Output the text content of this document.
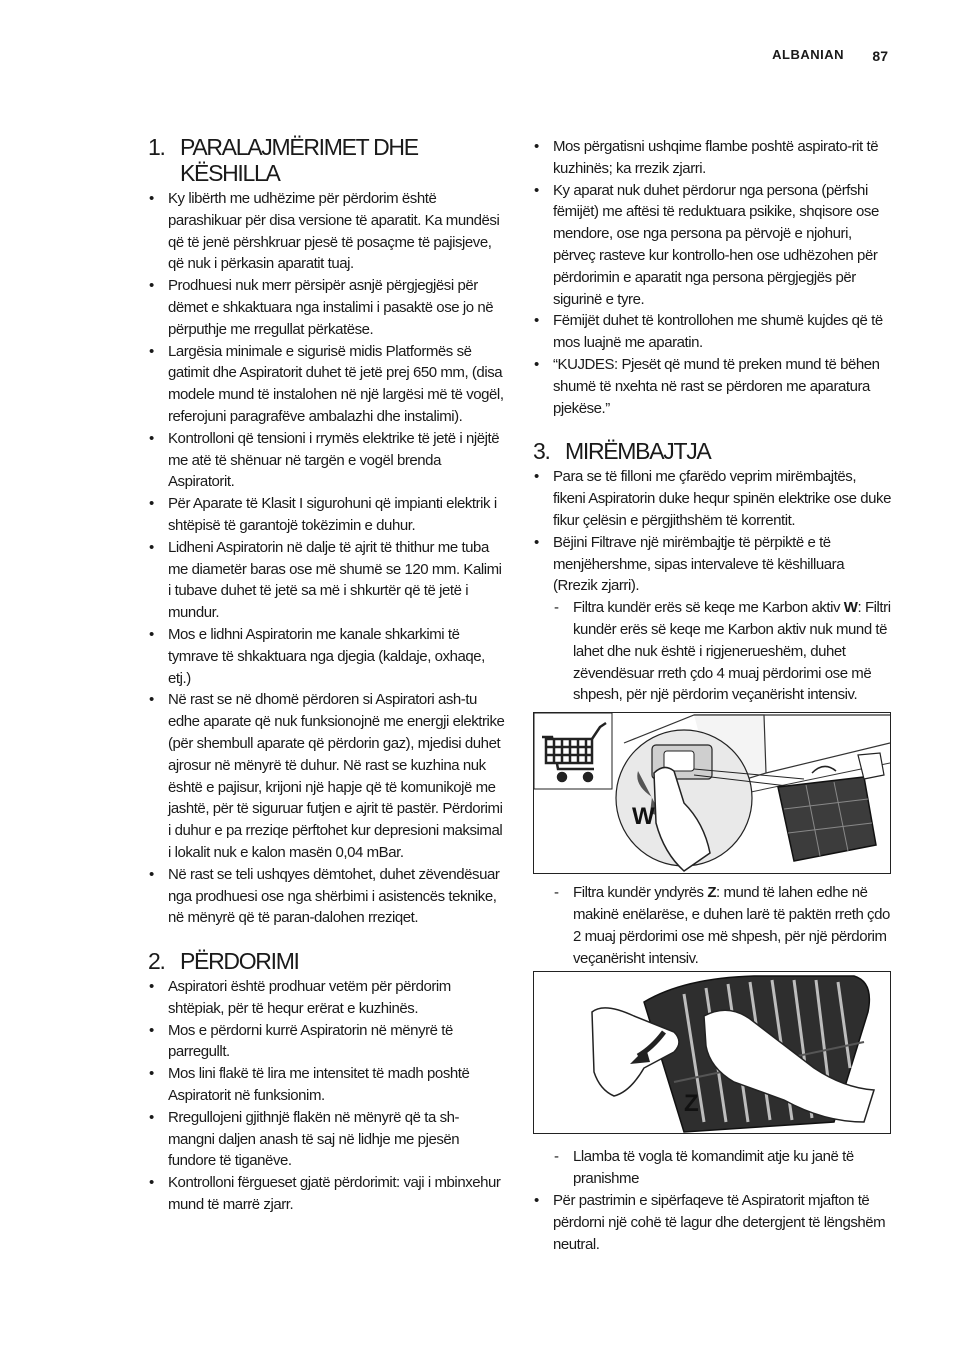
ALBANIAN 87
1. PARALAJMËRIMET DHE
KËSHILLA
• Ky libërth me udhëzime për përdorim është parashikuar për disa versione të aparatit. Ka mundësi që të jenë përshkruar pjesë të posaçme të pajisjeve, që nuk i përkasin aparatit tuaj.
• Prodhuesi nuk merr përsipër asnjë përgjegjësi për dëmet e shkaktuara nga instalimi i pasaktë ose jo në përputhje me rregullat përkatëse.
• Largësia minimale e sigurisë midis Platformës së gatimit dhe Aspiratorit duhet të jetë prej 650 mm, (disa modele mund të instalohen në një largësi më të vogël, referojuni paragrafëve ambalazhi dhe instalimi).
• Kontrolloni që tensioni i rrymës elektrike të jetë i njëjtë me atë të shënuar në targën e vogël brenda Aspiratorit.
• Për Aparate të Klasit I sigurohuni që impianti elektrik i shtëpisë të garantojë tokëzimin e duhur.
• Lidheni Aspiratorin në dalje të ajrit të thithur me tuba me diametër baras ose më shumë se 120 mm. Kalimi i tubave duhet të jetë sa më i shkurtër që të jetë i mundur.
• Mos e lidhni Aspiratorin me kanale shkarkimi të tymrave të shkaktuara nga djegia (kaldaje, oxhaqe, etj.)
• Në rast se në dhomë përdoren si Aspiratori ash-tu edhe aparate që nuk funksionojnë me energji elektrike (për shembull aparate që përdorin gaz), mjedisi duhet ajrosur në mënyrë të duhur. Në rast se kuzhina nuk është e pajisur, krijoni një hapje që të komunikojë me jashtë, për të siguruar futjen e ajrit të pastër. Përdorimi i duhur e pa rreziqe përftohet kur depresioni maksimal i lokalit nuk e kalon masën 0,04 mBar.
• Në rast se teli ushqyes dëmtohet, duhet zëvendësuar nga prodhuesi ose nga shërbimi i asistencës teknike, në mënyrë që të paran-dalohen rreziqet.
2. PËRDORIMI
• Aspiratori është prodhuar vetëm për përdorim shtëpiak, për të hequr erërat e kuzhinës.
• Mos e përdorni kurrë Aspiratorin në mënyrë të parregullt.
• Mos lini flakë të lira me intensitet të madh poshtë Aspiratorit në funksionim.
• Rregullojeni gjithnjë flakën në mënyrë që ta sh-mangni daljen anash të saj në lidhje me pjesën fundore të tiganëve.
• Kontrolloni fërgueset gjatë përdorimit: vaji i mbinxehur mund të marrë zjarr.
• Mos përgatisni ushqime flambe poshtë aspirato-rit të kuzhinës; ka rrezik zjarri.
• Ky aparat nuk duhet përdorur nga persona (përfshi fëmijët) me aftësi të reduktuara psikike, shqisore ose mendore, ose nga persona pa përvojë e njohuri, përveç rasteve kur kontrollo-hen ose udhëzohen për përdorimin e aparatit nga persona përgjegjës për sigurinë e tyre.
• Fëmijët duhet të kontrollohen me shumë kujdes që të mos luajnë me aparatin.
• “KUJDES: Pjesët që mund të preken mund të bëhen shumë të nxehta në rast se përdoren me aparatura pjekëse.”
3. MIRËMBAJTJA
• Para se të filloni me çfarëdo veprim mirëmbajtës, fikeni Aspiratorin duke hequr spinën elektrike ose duke fikur çelësin e përgjithshëm të korrentit.
• Bëjini Filtrave një mirëmbajtje të përpiktë e të menjëhershme, sipas intervaleve të këshilluara (Rrezik zjarri).
- Filtra kundër erës së keqe me Karbon aktiv W: Filtri kundër erës së keqe me Karbon aktiv nuk mund të lahet dhe nuk është i rigjenerueshëm, duhet zëvendësuar rreth çdo 4 muaj përdorimi ose më shpesh, për një përdorim veçanërisht intensiv.
W
- Filtra kundër yndyrës Z: mund të lahen edhe në makinë enëlarëse, e duhen larë të paktën rreth çdo 2 muaj përdorimi ose më shpesh, për një përdorim veçanërisht intensiv.
Z
- Llamba të vogla të komandimit atje ku janë të pranishme
• Për pastrimin e sipërfaqeve të Aspiratorit mjafton të përdorni një cohë të lagur dhe detergjent të lëngshëm neutral.
